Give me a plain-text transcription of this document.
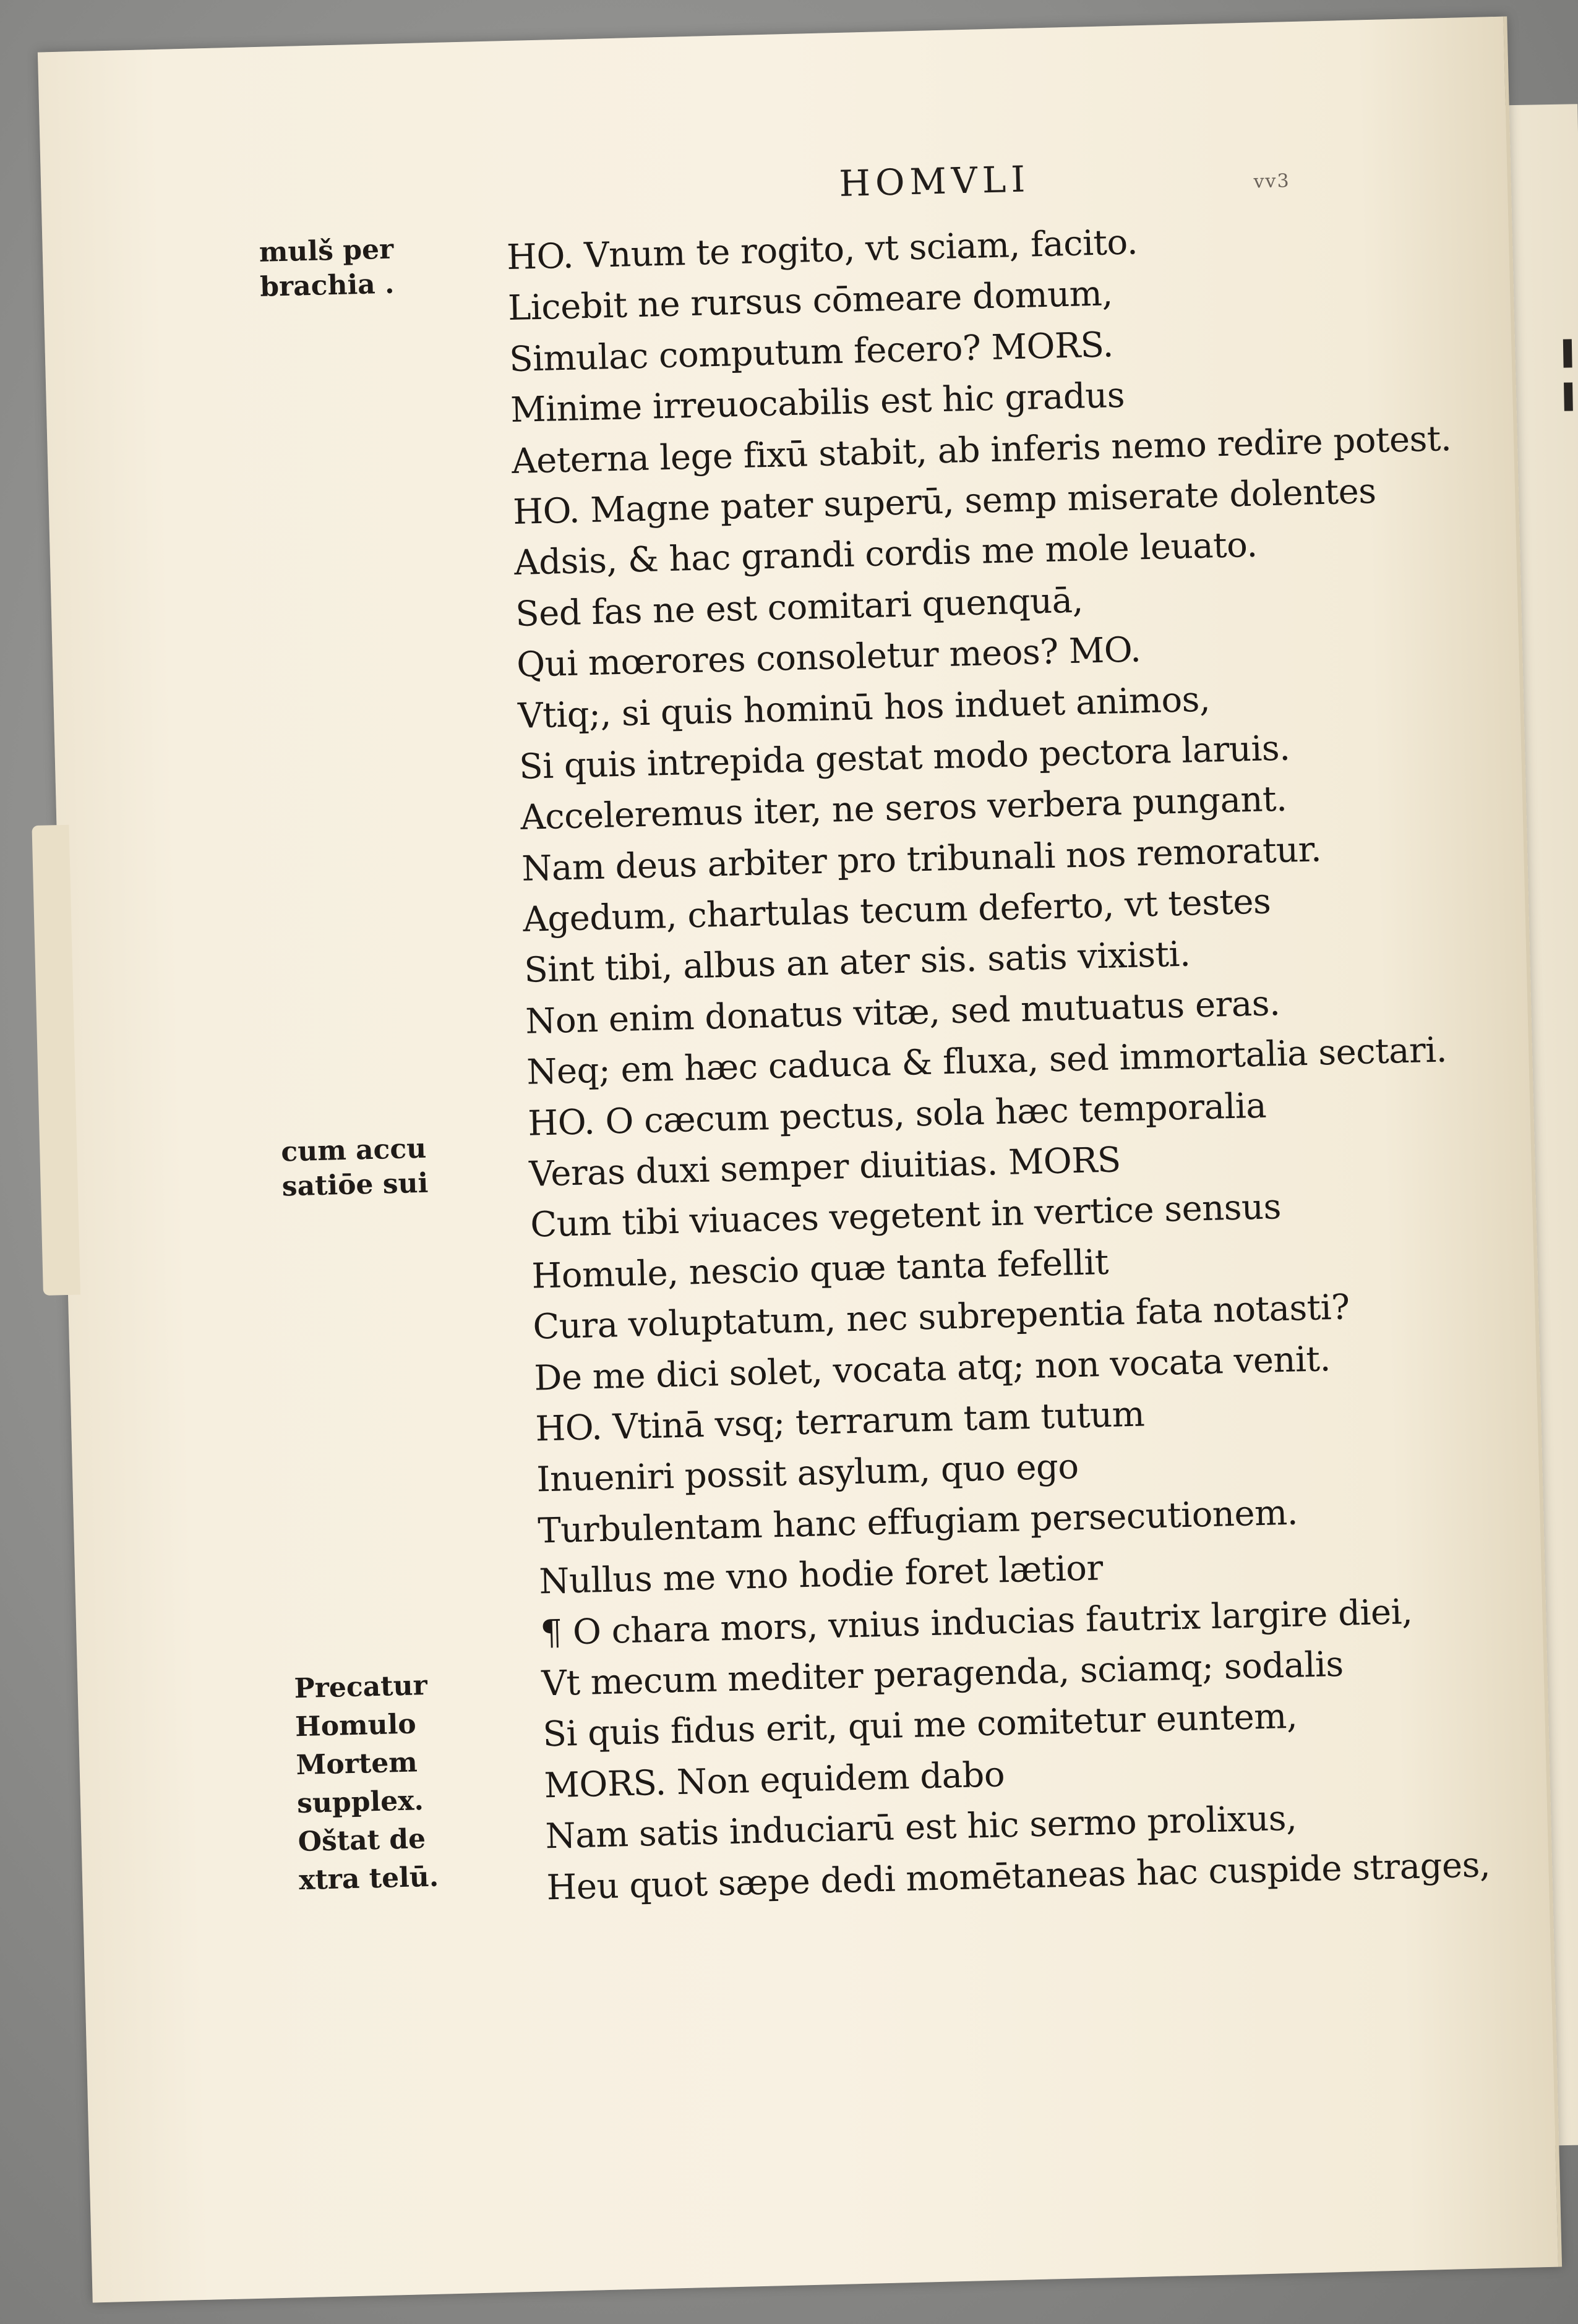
HOMVLI	vv3
mulš per
brachia .
cum accu
satiōe sui
Precatur
Homulo
Mortem
supplex.
Oštat de
xtra telū.
HO. Vnum te rogito, vt sciam, facito.
Licebit ne rursus cōmeare domum,
Simulac computum fecero? MORS.
Minime irreuocabilis est hic gradus
Aeterna lege fixū stabit, ab inferis nemo redire potest.
HO. Magne pater superū, semp miserate dolentes
Adsis, & hac grandi cordis me mole leuato.
Sed fas ne est comitari quenquā,
Qui mœrores consoletur meos? MO.
Vtiq;, si quis hominū hos induet animos,
Si quis intrepida gestat modo pectora laruis.
Acceleremus iter, ne seros verbera pungant.
Nam deus arbiter pro tribunali nos remoratur.
Agedum, chartulas tecum deferto, vt testes
Sint tibi, albus an ater sis. satis vixisti.
Non enim donatus vitæ, sed mutuatus eras.
Neq; em hæc caduca & fluxa, sed immortalia sectari.
HO. O cæcum pectus, sola hæc temporalia
Veras duxi semper diuitias. MORS
Cum tibi viuaces vegetent in vertice sensus
Homule, nescio quæ tanta fefellit
Cura voluptatum, nec subrepentia fata notasti?
De me dici solet, vocata atq; non vocata venit.
HO. Vtinā vsq; terrarum tam tutum
Inueniri possit asylum, quo ego
Turbulentam hanc effugiam persecutionem.
Nullus me vno hodie foret lætior
¶ O chara mors, vnius inducias fautrix largire diei,
Vt mecum mediter peragenda, sciamq; sodalis
Si quis fidus erit, qui me comitetur euntem,
MORS. Non equidem dabo
Nam satis induciarū est hic sermo prolixus,
Heu quot sæpe dedi momētaneas hac cuspide strages,
